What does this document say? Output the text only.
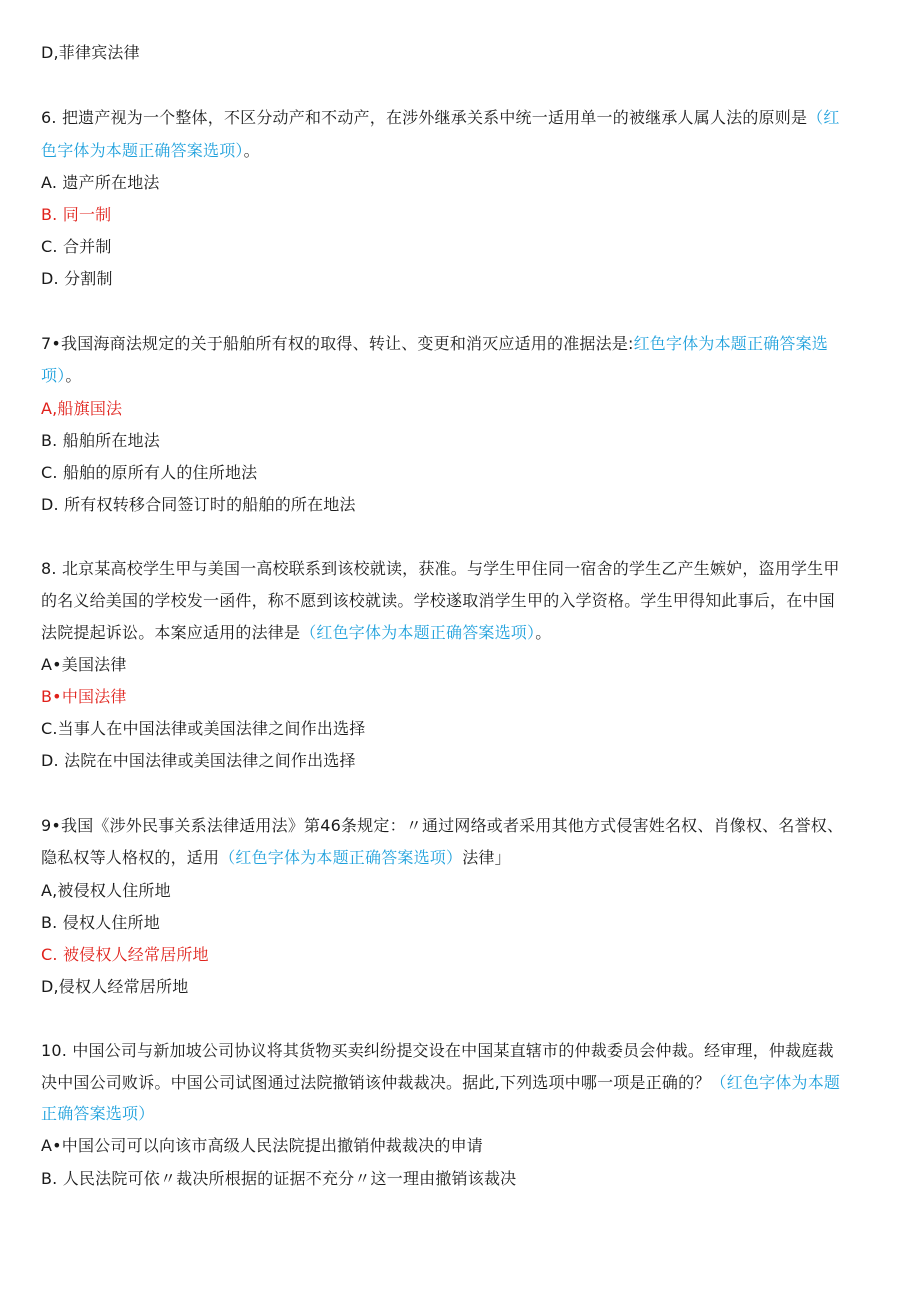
D,菲律宾法律
6. 把遗产视为一个整体，不区分动产和不动产，在涉外继承关系中统一适用单一的被继承人属人法的原则是（红
色字体为本题正确答案选项）。
A. 遗产所在地法
B. 同一制
C. 合并制
D. 分割制
7•我国海商法规定的关于船舶所有权的取得、转让、变更和消灭应适用的准据法是:红色字体为本题正确答案选
项）。
A,船旗国法
B. 船舶所在地法
C. 船舶的原所有人的住所地法
D. 所有权转移合同签订时的船舶的所在地法
8. 北京某高校学生甲与美国一高校联系到该校就读，获准。与学生甲住同一宿舍的学生乙产生嫉妒，盗用学生甲
的名义给美国的学校发一函件，称不愿到该校就读。学校遂取消学生甲的入学资格。学生甲得知此事后，在中国
法院提起诉讼。本案应适用的法律是（红色字体为本题正确答案选项）。
A•美国法律
B•中国法律
C.当事人在中国法律或美国法律之间作出选择
D. 法院在中国法律或美国法律之间作出选择
9•我国《涉外民事关系法律适用法》第46条规定：〃通过网络或者采用其他方式侵害姓名权、肖像权、名誉权、
隐私权等人格权的，适用（红色字体为本题正确答案选项）法律」
A,被侵权人住所地
B. 侵权人住所地
C. 被侵权人经常居所地
D,侵权人经常居所地
10. 中国公司与新加坡公司协议将其货物买卖纠纷提交设在中国某直辖市的仲裁委员会仲裁。经审理，仲裁庭裁
决中国公司败诉。中国公司试图通过法院撤销该仲裁裁决。据此,下列选项中哪一项是正确的？（红色字体为本题
正确答案选项）
A•中国公司可以向该市高级人民法院提出撤销仲裁裁决的申请
B. 人民法院可依〃裁决所根据的证据不充分〃这一理由撤销该裁决
